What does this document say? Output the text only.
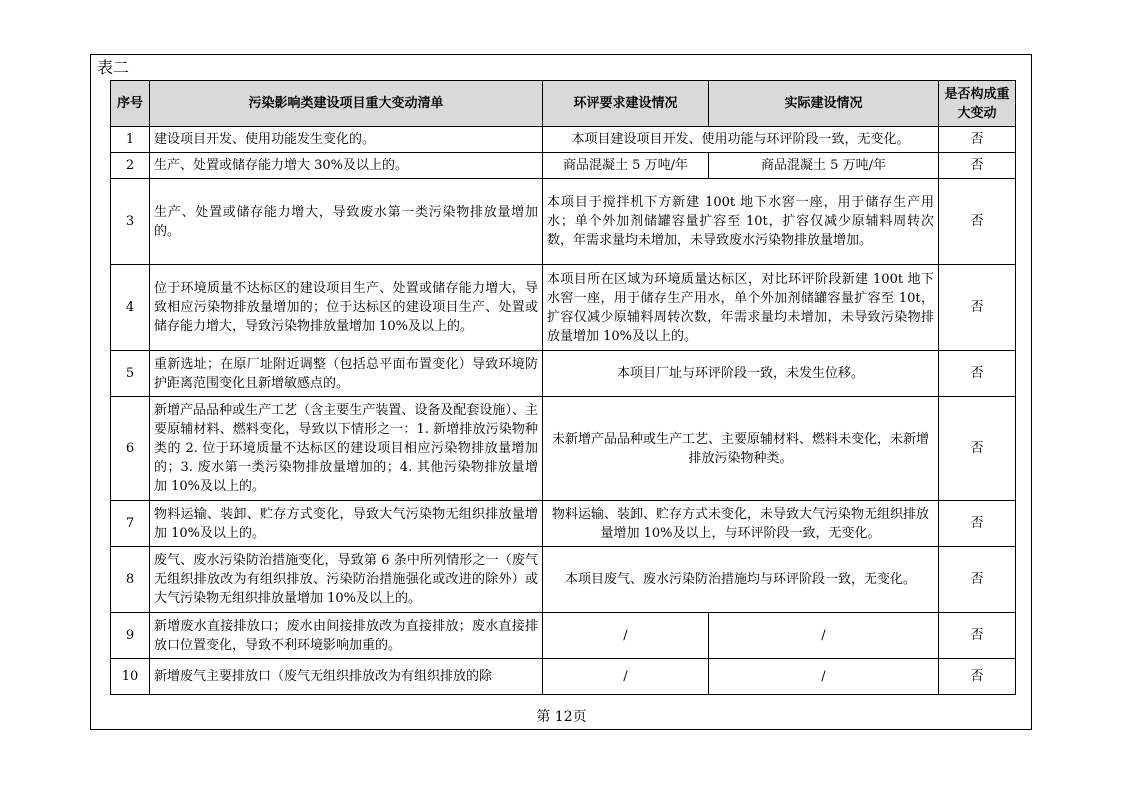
表二
序号	污染影响类建设项目重大变动清单	环评要求建设情况	实际建设情况	是否构成重大变动
1	建设项目开发、使用功能发生变化的。	本项目建设项目开发、使用功能与环评阶段一致，无变化。		否
2	生产、处置或储存能力增大 30%及以上的。	商品混凝土 5 万吨/年	商品混凝土 5 万吨/年	否
3	生产、处置或储存能力增大，导致废水第一类污染物排放量增加的。	本项目于搅拌机下方新建 100t 地下水窖一座，用于储存生产用水；单个外加剂储罐容量扩容至 10t，扩容仅减少原辅料周转次数，年需求量均未增加，未导致废水污染物排放量增加。		否
4	位于环境质量不达标区的建设项目生产、处置或储存能力增大，导致相应污染物排放量增加的；位于达标区的建设项目生产、处置或储存能力增大，导致污染物排放量增加 10%及以上的。	本项目所在区域为环境质量达标区，对比环评阶段新建 100t 地下水窖一座，用于储存生产用水，单个外加剂储罐容量扩容至 10t，扩容仅减少原辅料周转次数，年需求量均未增加，未导致污染物排放量增加 10%及以上的。		否
5	重新选址；在原厂址附近调整（包括总平面布置变化）导致环境防护距离范围变化且新增敏感点的。	本项目厂址与环评阶段一致，未发生位移。		否
6	新增产品品种或生产工艺（含主要生产装置、设备及配套设施）、主要原辅材料、燃料变化，导致以下情形之一：1. 新增排放污染物种类的 2. 位于环境质量不达标区的建设项目相应污染物排放量增加的；3. 废水第一类污染物排放量增加的；4. 其他污染物排放量增加 10%及以上的。	未新增产品品种或生产工艺、主要原辅材料、燃料未变化，未新增排放污染物种类。		否
7	物料运输、装卸、贮存方式变化，导致大气污染物无组织排放量增加 10%及以上的。	物料运输、装卸、贮存方式未变化，未导致大气污染物无组织排放量增加 10%及以上，与环评阶段一致，无变化。		否
8	废气、废水污染防治措施变化，导致第 6 条中所列情形之一（废气无组织排放改为有组织排放、污染防治措施强化或改进的除外）或大气污染物无组织排放量增加 10%及以上的。	本项目废气、废水污染防治措施均与环评阶段一致，无变化。		否
9	新增废水直接排放口；废水由间接排放改为直接排放；废水直接排放口位置变化，导致不利环境影响加重的。	/	/	否
10	新增废气主要排放口（废气无组织排放改为有组织排放的除	/	/	否
第 12页
